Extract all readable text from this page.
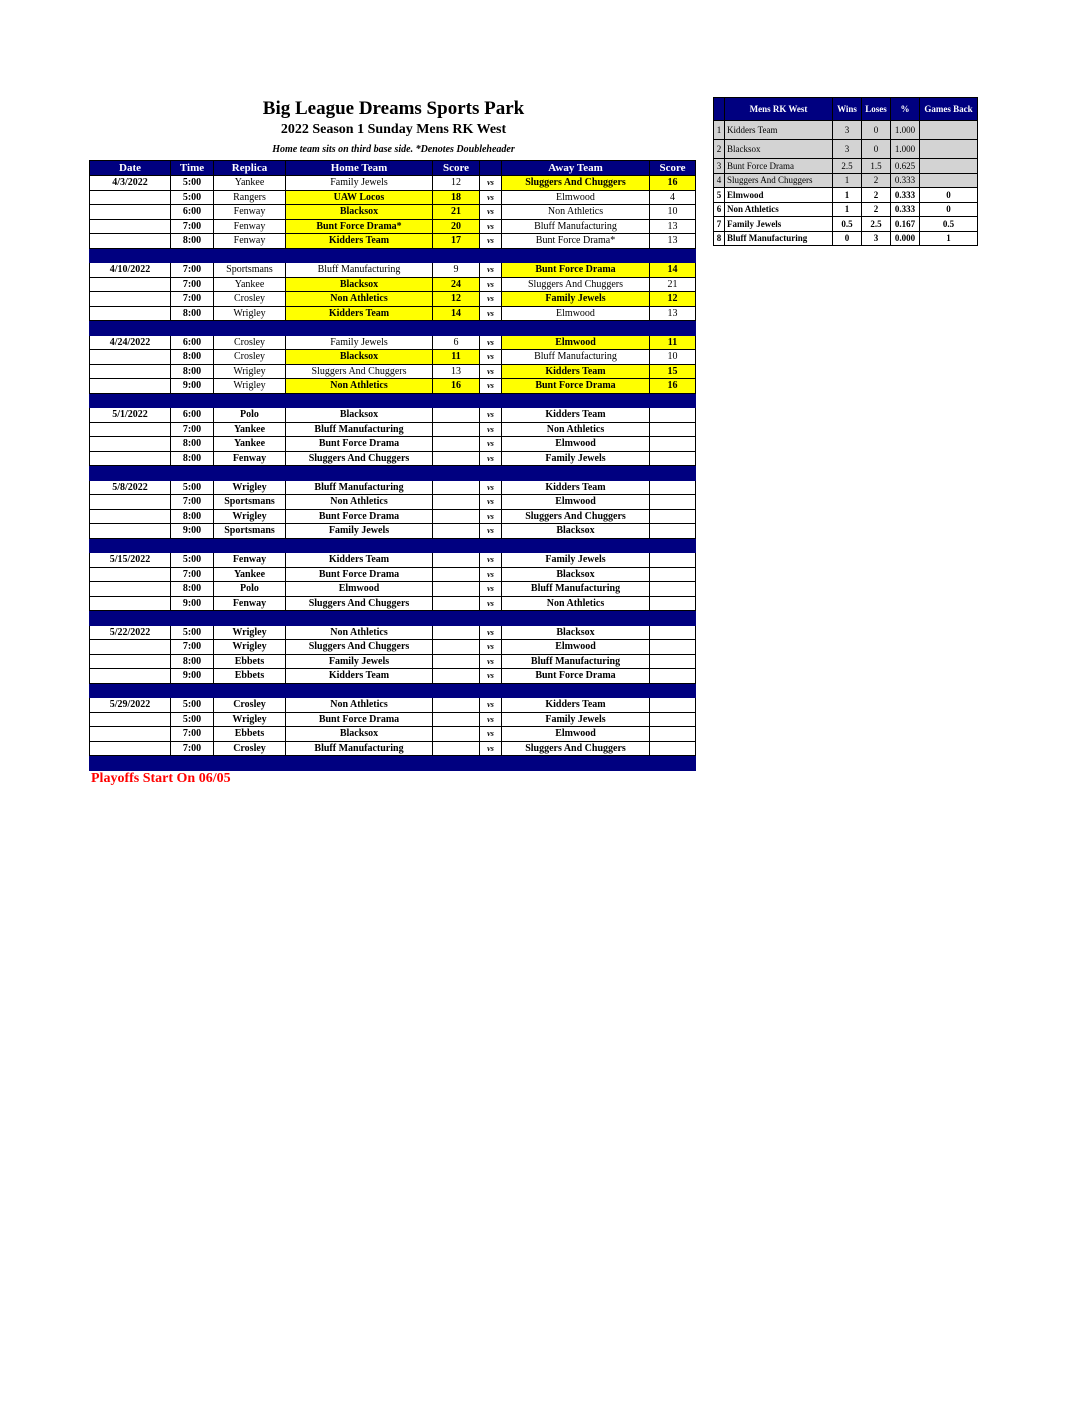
Big League Dreams Sports Park
2022 Season 1 Sunday Mens RK West
Home team sits on third base side. *Denotes Doubleheader
Date	Time	Replica	Home Team	Score		Away Team	Score
4/3/2022	5:00	Yankee	Family Jewels	12	vs	Sluggers And Chuggers	16
	5:00	Rangers	UAW Locos	18	vs	Elmwood	4
	6:00	Fenway	Blacksox	21	vs	Non Athletics	10
	7:00	Fenway	Bunt Force Drama*	20	vs	Bluff Manufacturing	13
	8:00	Fenway	Kidders Team	17	vs	Bunt Force Drama*	13

4/10/2022	7:00	Sportsmans	Bluff Manufacturing	9	vs	Bunt Force Drama	14
	7:00	Yankee	Blacksox	24	vs	Sluggers And Chuggers	21
	7:00	Crosley	Non Athletics	12	vs	Family Jewels	12
	8:00	Wrigley	Kidders Team	14	vs	Elmwood	13

4/24/2022	6:00	Crosley	Family Jewels	6	vs	Elmwood	11
	8:00	Crosley	Blacksox	11	vs	Bluff Manufacturing	10
	8:00	Wrigley	Sluggers And Chuggers	13	vs	Kidders Team	15
	9:00	Wrigley	Non Athletics	16	vs	Bunt Force Drama	16

5/1/2022	6:00	Polo	Blacksox		vs	Kidders Team	
	7:00	Yankee	Bluff Manufacturing		vs	Non Athletics	
	8:00	Yankee	Bunt Force Drama		vs	Elmwood	
	8:00	Fenway	Sluggers And Chuggers		vs	Family Jewels	

5/8/2022	5:00	Wrigley	Bluff Manufacturing		vs	Kidders Team	
	7:00	Sportsmans	Non Athletics		vs	Elmwood	
	8:00	Wrigley	Bunt Force Drama		vs	Sluggers And Chuggers	
	9:00	Sportsmans	Family Jewels		vs	Blacksox	

5/15/2022	5:00	Fenway	Kidders Team		vs	Family Jewels	
	7:00	Yankee	Bunt Force Drama		vs	Blacksox	
	8:00	Polo	Elmwood		vs	Bluff Manufacturing	
	9:00	Fenway	Sluggers And Chuggers		vs	Non Athletics	

5/22/2022	5:00	Wrigley	Non Athletics		vs	Blacksox	
	7:00	Wrigley	Sluggers And Chuggers		vs	Elmwood	
	8:00	Ebbets	Family Jewels		vs	Bluff Manufacturing	
	9:00	Ebbets	Kidders Team		vs	Bunt Force Drama	

5/29/2022	5:00	Crosley	Non Athletics		vs	Kidders Team	
	5:00	Wrigley	Bunt Force Drama		vs	Family Jewels	
	7:00	Ebbets	Blacksox		vs	Elmwood	
	7:00	Crosley	Bluff Manufacturing		vs	Sluggers And Chuggers	

Playoffs Start On 06/05
	Mens RK West	Wins	Loses	%	Games Back
1	Kidders Team	3	0	1.000	
2	Blacksox	3	0	1.000	
3	Bunt Force Drama	2.5	1.5	0.625	
4	Sluggers And Chuggers	1	2	0.333	
5	Elmwood	1	2	0.333	0
6	Non Athletics	1	2	0.333	0
7	Family Jewels	0.5	2.5	0.167	0.5
8	Bluff Manufacturing	0	3	0.000	1
